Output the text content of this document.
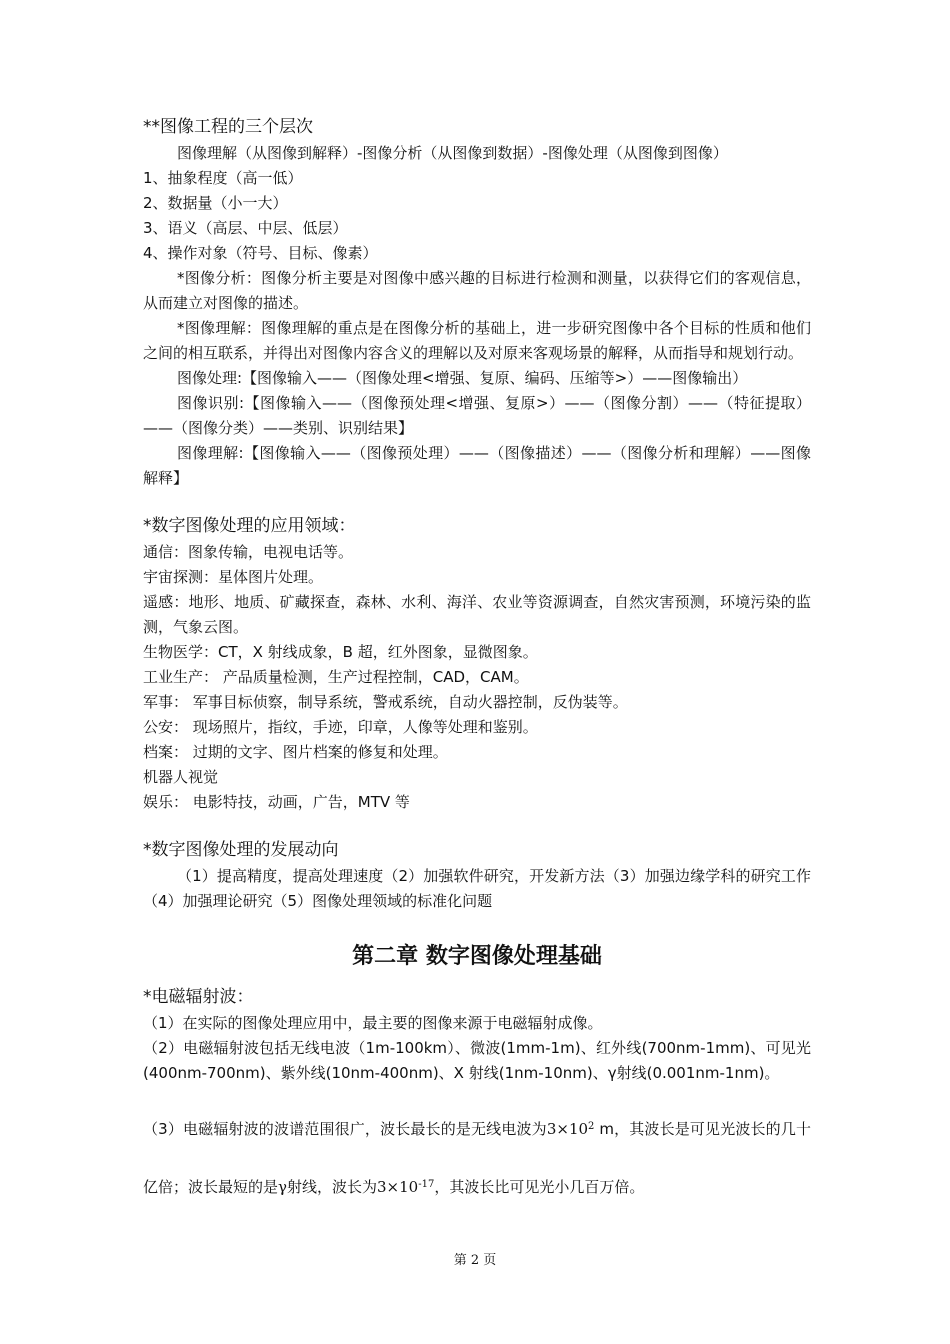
**图像工程的三个层次
图像理解（从图像到解释）-图像分析（从图像到数据）-图像处理（从图像到图像）
1、抽象程度（高一低）
2、数据量（小一大）
3、语义（高层、中层、低层）
4、操作对象（符号、目标、像素）
*图像分析：图像分析主要是对图像中感兴趣的目标进行检测和测量，以获得它们的客观信息，从而建立对图像的描述。
*图像理解：图像理解的重点是在图像分析的基础上，进一步研究图像中各个目标的性质和他们之间的相互联系，并得出对图像内容含义的理解以及对原来客观场景的解释，从而指导和规划行动。
图像处理:【图像输入——（图像处理<增强、复原、编码、压缩等>）——图像输出）
图像识别:【图像输入——（图像预处理<增强、复原>）——（图像分割）——（特征提取）——（图像分类）——类别、识别结果】
图像理解:【图像输入——（图像预处理）——（图像描述）——（图像分析和理解）——图像解释】
*数字图像处理的应用领域：
通信：图象传输，电视电话等。
宇宙探测：星体图片处理。
遥感：地形、地质、矿藏探查，森林、水利、海洋、农业等资源调查，自然灾害预测，环境污染的监测，气象云图。
生物医学：CT，X 射线成象，B 超，红外图象，显微图象。
工业生产： 产品质量检测，生产过程控制，CAD，CAM。
军事： 军事目标侦察，制导系统，警戒系统，自动火器控制，反伪装等。
公安： 现场照片，指纹，手迹，印章，人像等处理和鉴别。
档案： 过期的文字、图片档案的修复和处理。
机器人视觉
娱乐： 电影特技，动画，广告，MTV 等
*数字图像处理的发展动向
（1）提高精度，提高处理速度（2）加强软件研究，开发新方法（3）加强边缘学科的研究工作（4）加强理论研究（5）图像处理领域的标准化问题
第二章 数字图像处理基础
*电磁辐射波：
（1）在实际的图像处理应用中，最主要的图像来源于电磁辐射成像。
（2）电磁辐射波包括无线电波（1m-100km）、微波(1mm-1m)、红外线(700nm-1mm)、可见光(400nm-700nm)、紫外线(10nm-400nm)、X 射线(1nm-10nm)、γ射线(0.001nm-1nm)。
（3）电磁辐射波的波谱范围很广，波长最长的是无线电波为$3\times 10^2$ m，其波长是可见光波长的几十亿倍；波长最短的是γ射线，波长为$3\times 10^{-17}$，其波长比可见光小几百万倍。
第 2 页
